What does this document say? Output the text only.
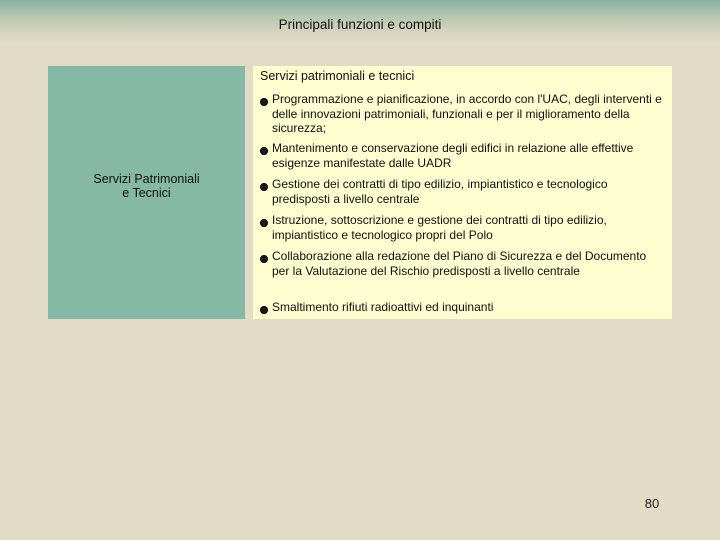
Principali funzioni e compiti
Servizi Patrimoniali
e Tecnici
Servizi patrimoniali e tecnici
Programmazione e pianificazione, in accordo con l'UAC, degli interventi e delle innovazioni patrimoniali, funzionali e per il miglioramento della sicurezza;
Mantenimento e conservazione degli edifici in relazione alle effettive esigenze manifestate dalle UADR
Gestione dei contratti di tipo edilizio, impiantistico e tecnologico predisposti a livello centrale
Istruzione, sottoscrizione e gestione dei contratti di tipo edilizio, impiantistico e tecnologico propri del Polo
Collaborazione alla redazione del Piano di Sicurezza e del Documento per la Valutazione del Rischio predisposti a livello centrale
Smaltimento rifiuti radioattivi ed inquinanti
80
